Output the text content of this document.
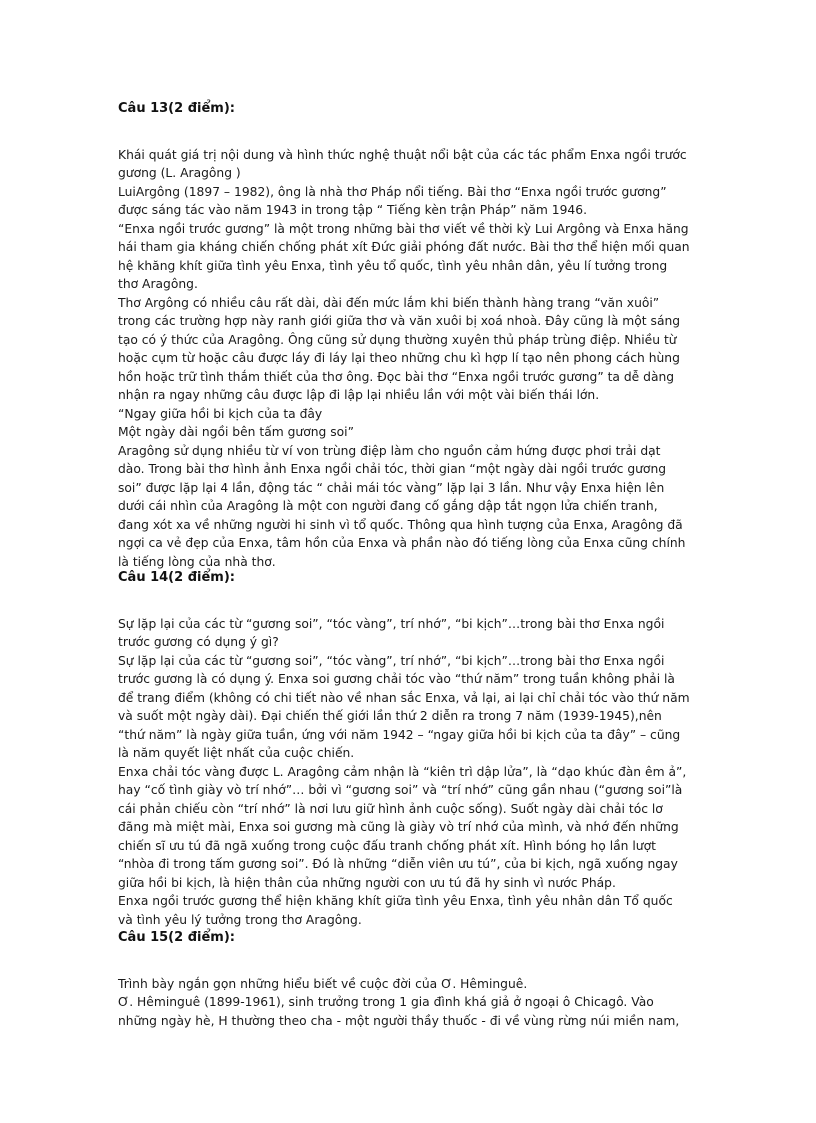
Câu 13(2 điểm):
Khái quát giá trị nội dung và hình thức nghệ thuật nổi bật của các tác phẩm Enxa ngồi trước
gương (L. Aragông )
LuiArgông (1897 – 1982), ông là nhà thơ Pháp nổi tiếng. Bài thơ “Enxa ngồi trước gương”
được sáng tác vào năm 1943 in trong tập “ Tiếng kèn trận Pháp” năm 1946.
“Enxa ngồi trước gương” là một trong những bài thơ viết về thời kỳ Lui Argông và Enxa hăng
hái tham gia kháng chiến chống phát xít Đức giải phóng đất nước. Bài thơ thể hiện mối quan
hệ khăng khít giữa tình yêu Enxa, tình yêu tổ quốc, tình yêu nhân dân, yêu lí tưởng trong
thơ Aragông.
Thơ Argông có nhiều câu rất dài, dài đến mức lắm khi biến thành hàng trang “văn xuôi”
trong các trường hợp này ranh giới giữa thơ và văn xuôi bị xoá nhoà. Đây cũng là một sáng
tạo có ý thức của Aragông. Ông cũng sử dụng thường xuyên thủ pháp trùng điệp. Nhiều từ
hoặc cụm từ hoặc câu được láy đi láy lại theo những chu kì hợp lí tạo nên phong cách hùng
hồn hoặc trữ tình thắm thiết của thơ ông. Đọc bài thơ “Enxa ngồi trước gương” ta dễ dàng
nhận ra ngay những câu được lập đi lập lại nhiều lần với một vài biến thái lớn.
“Ngay giữa hồi bi kịch của ta đây
Một ngày dài ngồi bên tấm gương soi”
Aragông sử dụng nhiều từ ví von trùng điệp làm cho nguồn cảm hứng được phơi trải dạt
dào. Trong bài thơ hình ảnh Enxa ngồi chải tóc, thời gian “một ngày dài ngồi trước gương
soi” được lặp lại 4 lần, động tác “ chải mái tóc vàng” lặp lại 3 lần. Như vậy Enxa hiện lên
dưới cái nhìn của Aragông là một con người đang cố gắng dập tắt ngọn lửa chiến tranh,
đang xót xa về những người hi sinh vì tổ quốc. Thông qua hình tượng của Enxa, Aragông đã
ngợi ca vẻ đẹp của Enxa, tâm hồn của Enxa và phần nào đó tiếng lòng của Enxa cũng chính
là tiếng lòng của nhà thơ.
Câu 14(2 điểm):
Sự lặp lại của các từ “gương soi”, “tóc vàng”, trí nhớ”, “bi kịch”…trong bài thơ Enxa ngồi
trước gương có dụng ý gì?
Sự lặp lại của các từ “gương soi”, “tóc vàng”, trí nhớ”, “bi kịch”…trong bài thơ Enxa ngồi
trước gương là có dụng ý. Enxa soi gương chải tóc vào “thứ năm” trong tuần không phải là
để trang điểm (không có chi tiết nào về nhan sắc Enxa, vả lại, ai lại chỉ chải tóc vào thứ năm
và suốt một ngày dài). Đại chiến thế giới lần thứ 2 diễn ra trong 7 năm (1939-1945),nên
“thứ năm” là ngày giữa tuần, ứng với năm 1942 – “ngay giữa hồi bi kịch của ta đây” – cũng
là năm quyết liệt nhất của cuộc chiến.
Enxa chải tóc vàng được L. Aragông cảm nhận là “kiên trì dập lửa”, là “dạo khúc đàn êm ả”,
hay “cố tình giày vò trí nhớ”… bởi vì “gương soi” và “trí nhớ” cũng gần nhau (“gương soi”là
cái phản chiếu còn “trí nhớ” là nơi lưu giữ hình ảnh cuộc sống). Suốt ngày dài chải tóc lơ
đãng mà miệt mài, Enxa soi gương mà cũng là giày vò trí nhớ của mình, và nhớ đến những
chiến sĩ ưu tú đã ngã xuống trong cuộc đấu tranh chống phát xít. Hình bóng họ lần lượt
“nhòa đi trong tấm gương soi”. Đó là những “diễn viên ưu tú”, của bi kịch, ngã xuống ngay
giữa hồi bi kịch, là hiện thân của những người con ưu tú đã hy sinh vì nước Pháp.
Enxa ngồi trước gương thể hiện khăng khít giữa tình yêu Enxa, tình yêu nhân dân Tổ quốc
và tình yêu lý tưởng trong thơ Aragông.
Câu 15(2 điểm):
Trình bày ngắn gọn những hiểu biết về cuộc đời của Ơ. Hêminguê.
Ơ. Hêminguê (1899-1961), sinh trưởng trong 1 gia đình khá giả ở ngoại ô Chicagô. Vào
những ngày hè, H thường theo cha - một người thầy thuốc - đi về vùng rừng núi miền nam,
